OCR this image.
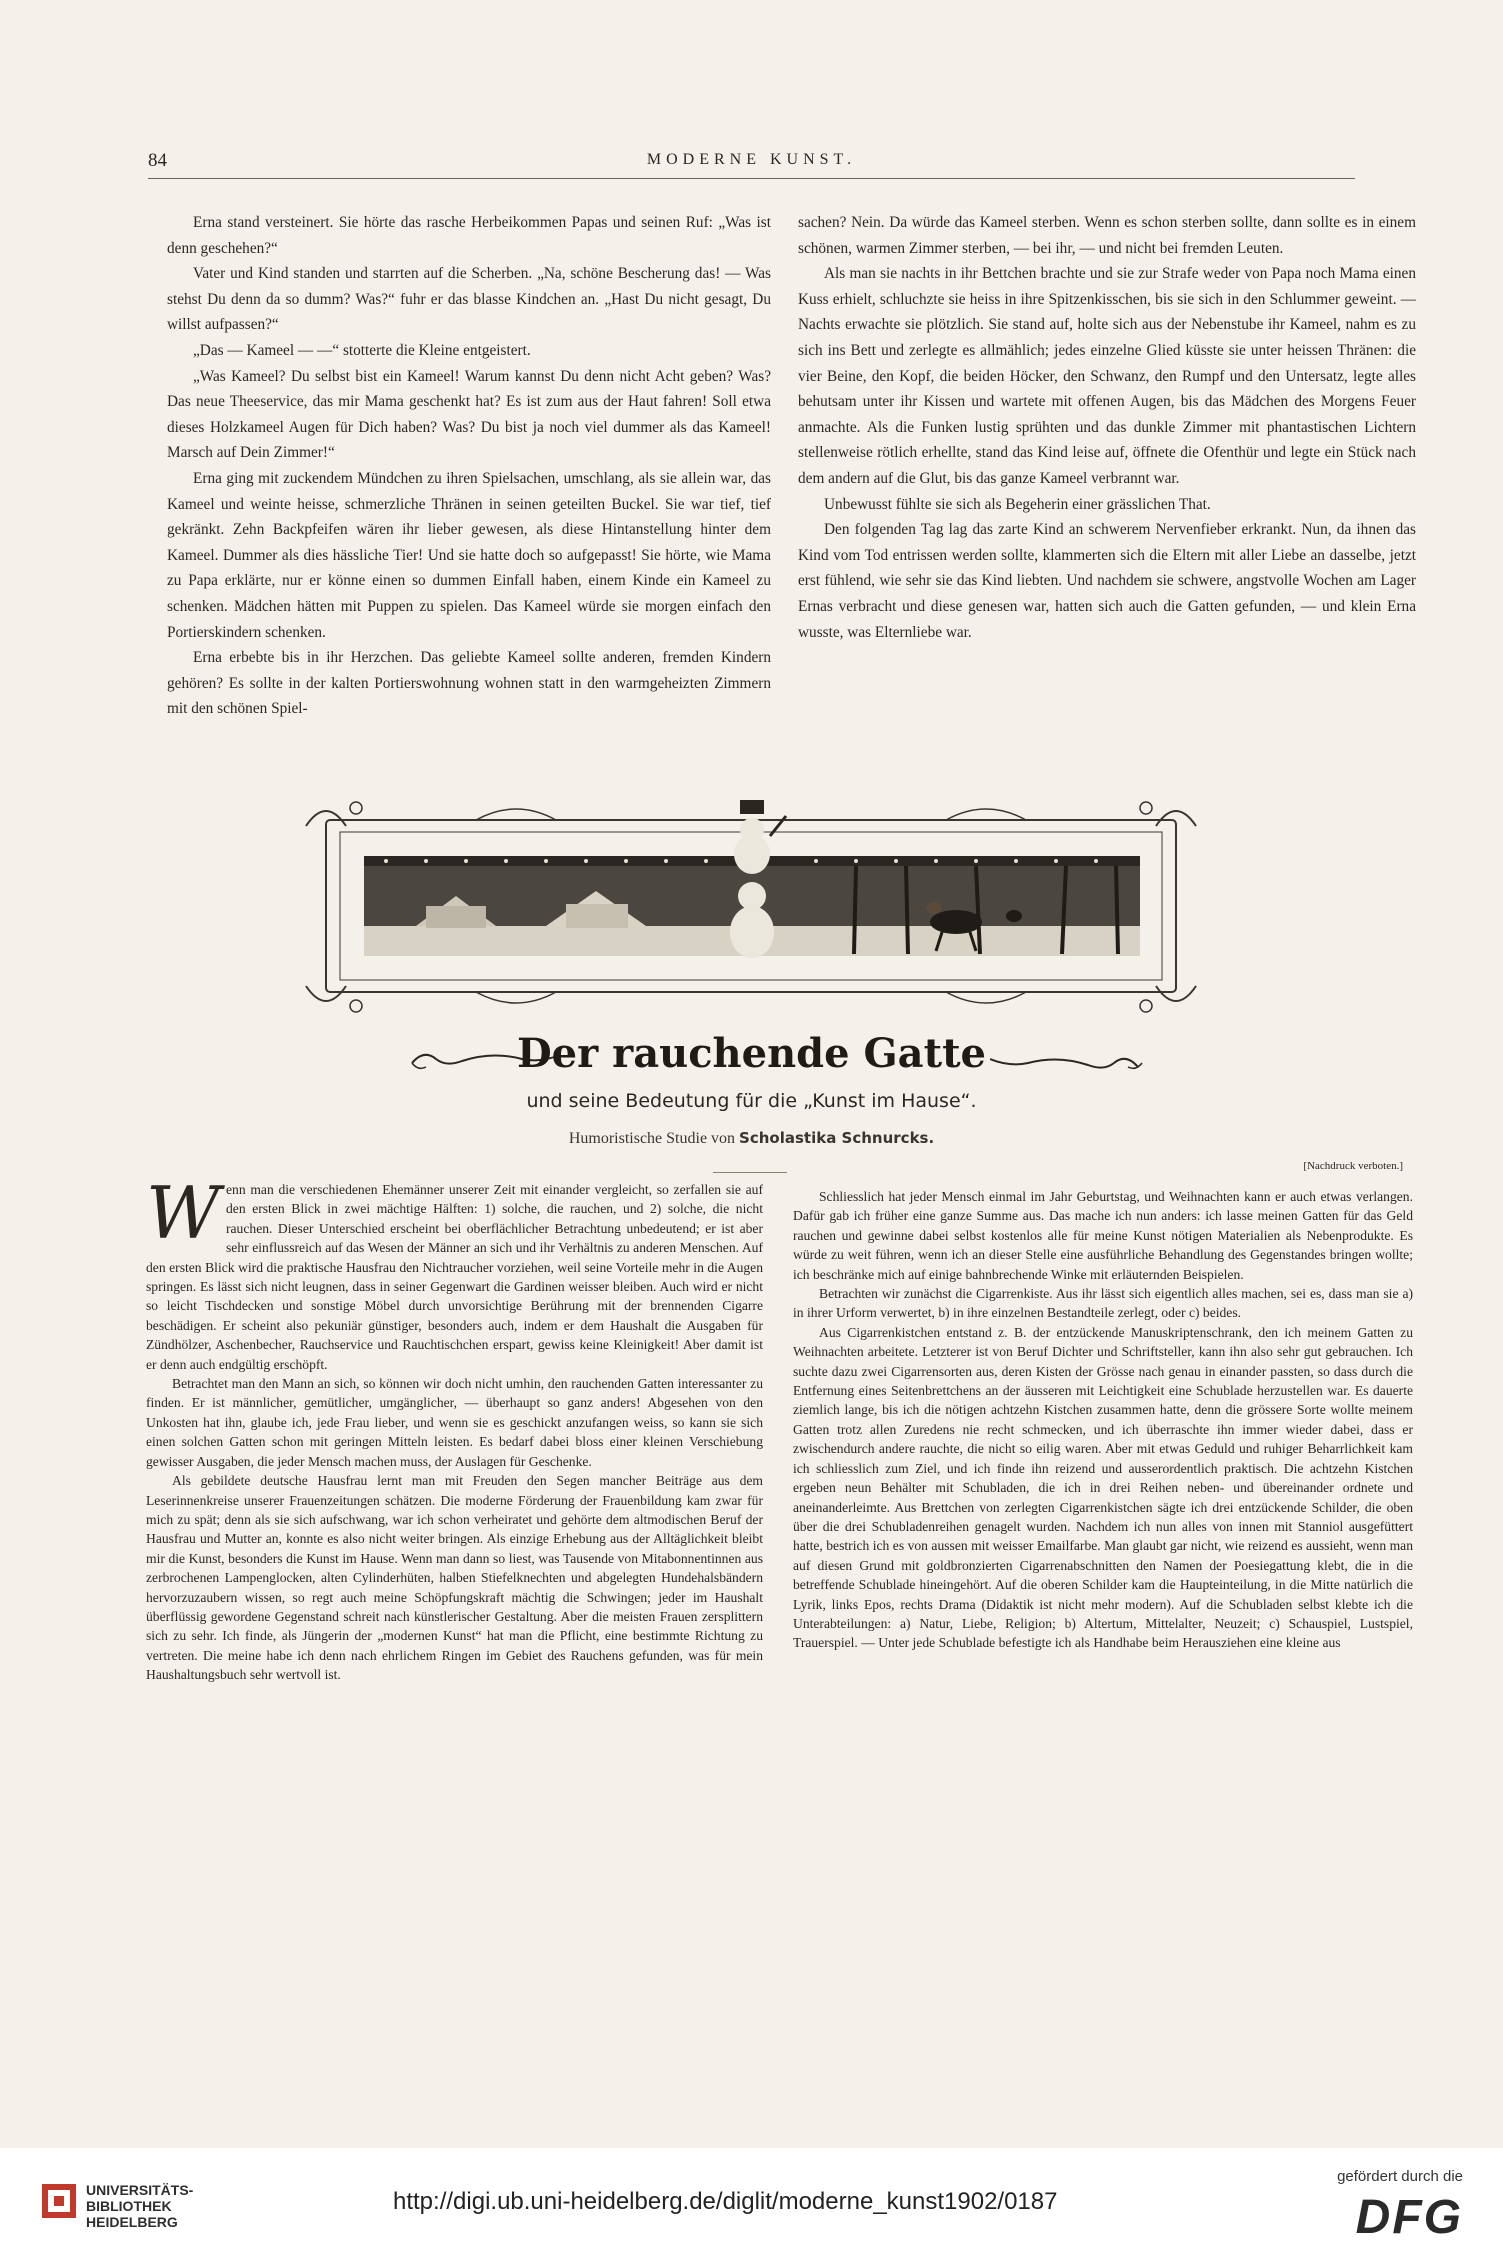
84	MODERNE KUNST.

Erna stand versteinert. Sie hörte das rasche Herbeikommen Papas und seinen Ruf: „Was ist denn geschehen?“

Vater und Kind standen und starrten auf die Scherben. „Na, schöne Bescherung das! — Was stehst Du denn da so dumm? Was?“ fuhr er das blasse Kindchen an. „Hast Du nicht gesagt, Du willst aufpassen?“

„Das — Kameel — —“ stotterte die Kleine entgeistert.

„Was Kameel? Du selbst bist ein Kameel! Warum kannst Du denn nicht Acht geben? Was? Das neue Theeservice, das mir Mama geschenkt hat? Es ist zum aus der Haut fahren! Soll etwa dieses Holzkameel Augen für Dich haben? Was? Du bist ja noch viel dummer als das Kameel! Marsch auf Dein Zimmer!“

Erna ging mit zuckendem Mündchen zu ihren Spielsachen, umschlang, als sie allein war, das Kameel und weinte heisse, schmerzliche Thränen in seinen geteilten Buckel. Sie war tief, tief gekränkt. Zehn Backpfeifen wären ihr lieber gewesen, als diese Hintanstellung hinter dem Kameel. Dummer als dies hässliche Tier! Und sie hatte doch so aufgepasst! Sie hörte, wie Mama zu Papa erklärte, nur er könne einen so dummen Einfall haben, einem Kinde ein Kameel zu schenken. Mädchen hätten mit Puppen zu spielen. Das Kameel würde sie morgen einfach den Portierskindern schenken.

Erna erbebte bis in ihr Herzchen. Das geliebte Kameel sollte anderen, fremden Kindern gehören? Es sollte in der kalten Portierswohnung wohnen statt in den warmgeheizten Zimmern mit den schönen Spiel-

sachen? Nein. Da würde das Kameel sterben. Wenn es schon sterben sollte, dann sollte es in einem schönen, warmen Zimmer sterben, — bei ihr, — und nicht bei fremden Leuten.

Als man sie nachts in ihr Bettchen brachte und sie zur Strafe weder von Papa noch Mama einen Kuss erhielt, schluchzte sie heiss in ihre Spitzenkisschen, bis sie sich in den Schlummer geweint. — Nachts erwachte sie plötzlich. Sie stand auf, holte sich aus der Nebenstube ihr Kameel, nahm es zu sich ins Bett und zerlegte es allmählich; jedes einzelne Glied küsste sie unter heissen Thränen: die vier Beine, den Kopf, die beiden Höcker, den Schwanz, den Rumpf und den Untersatz, legte alles behutsam unter ihr Kissen und wartete mit offenen Augen, bis das Mädchen des Morgens Feuer anmachte. Als die Funken lustig sprühten und das dunkle Zimmer mit phantastischen Lichtern stellenweise rötlich erhellte, stand das Kind leise auf, öffnete die Ofenthür und legte ein Stück nach dem andern auf die Glut, bis das ganze Kameel verbrannt war.

Unbewusst fühlte sie sich als Begeherin einer grässlichen That.

Den folgenden Tag lag das zarte Kind an schwerem Nervenfieber erkrankt. Nun, da ihnen das Kind vom Tod entrissen werden sollte, klammerten sich die Eltern mit aller Liebe an dasselbe, jetzt erst fühlend, wie sehr sie das Kind liebten. Und nachdem sie schwere, angstvolle Wochen am Lager Ernas verbracht und diese genesen war, hatten sich auch die Gatten gefunden, — und klein Erna wusste, was Elternliebe war.

Der rauchende Gatte
und seine Bedeutung für die „Kunst im Hause“.
Humoristische Studie von Scholastika Schnurcks.
[Nachdruck verboten.]

W enn man die verschiedenen Ehemänner unserer Zeit mit einander vergleicht, so zerfallen sie auf den ersten Blick in zwei mächtige Hälften: 1) solche, die rauchen, und 2) solche, die nicht rauchen. Dieser Unterschied erscheint bei oberflächlicher Betrachtung unbedeutend; er ist aber sehr einflussreich auf das Wesen der Männer an sich und ihr Verhältnis zu anderen Menschen. Auf den ersten Blick wird die praktische Hausfrau den Nichtraucher vorziehen, weil seine Vorteile mehr in die Augen springen. Es lässt sich nicht leugnen, dass in seiner Gegenwart die Gardinen weisser bleiben. Auch wird er nicht so leicht Tischdecken und sonstige Möbel durch unvorsichtige Berührung mit der brennenden Cigarre beschädigen. Er scheint also pekuniär günstiger, besonders auch, indem er dem Haushalt die Ausgaben für Zündhölzer, Aschenbecher, Rauchservice und Rauchtischchen erspart, gewiss keine Kleinigkeit! Aber damit ist er denn auch endgültig erschöpft.

Betrachtet man den Mann an sich, so können wir doch nicht umhin, den rauchenden Gatten interessanter zu finden. Er ist männlicher, gemütlicher, umgänglicher, — überhaupt so ganz anders! Abgesehen von den Unkosten hat ihn, glaube ich, jede Frau lieber, und wenn sie es geschickt anzufangen weiss, so kann sie sich einen solchen Gatten schon mit geringen Mitteln leisten. Es bedarf dabei bloss einer kleinen Verschiebung gewisser Ausgaben, die jeder Mensch machen muss, der Auslagen für Geschenke.

Als gebildete deutsche Hausfrau lernt man mit Freuden den Segen mancher Beiträge aus dem Leserinnenkreise unserer Frauenzeitungen schätzen. Die moderne Förderung der Frauenbildung kam zwar für mich zu spät; denn als sie sich aufschwang, war ich schon verheiratet und gehörte dem altmodischen Beruf der Hausfrau und Mutter an, konnte es also nicht weiter bringen. Als einzige Erhebung aus der Alltäglichkeit bleibt mir die Kunst, besonders die Kunst im Hause. Wenn man dann so liest, was Tausende von Mitabonnentinnen aus zerbrochenen Lampenglocken, alten Cylinderhüten, halben Stiefelknechten und abgelegten Hundehalsbändern hervorzuzaubern wissen, so regt auch meine Schöpfungskraft mächtig die Schwingen; jeder im Haushalt überflüssig gewordene Gegenstand schreit nach künstlerischer Gestaltung. Aber die meisten Frauen zersplittern sich zu sehr. Ich finde, als Jüngerin der „modernen Kunst“ hat man die Pflicht, eine bestimmte Richtung zu vertreten. Die meine habe ich denn nach ehrlichem Ringen im Gebiet des Rauchens gefunden, was für mein Haushaltungsbuch sehr wertvoll ist.

Schliesslich hat jeder Mensch einmal im Jahr Geburtstag, und Weihnachten kann er auch etwas verlangen. Dafür gab ich früher eine ganze Summe aus. Das mache ich nun anders: ich lasse meinen Gatten für das Geld rauchen und gewinne dabei selbst kostenlos alle für meine Kunst nötigen Materialien als Nebenprodukte. Es würde zu weit führen, wenn ich an dieser Stelle eine ausführliche Behandlung des Gegenstandes bringen wollte; ich beschränke mich auf einige bahnbrechende Winke mit erläuternden Beispielen.

Betrachten wir zunächst die Cigarrenkiste. Aus ihr lässt sich eigentlich alles machen, sei es, dass man sie a) in ihrer Urform verwertet, b) in ihre einzelnen Bestandteile zerlegt, oder c) beides.

Aus Cigarrenkistchen entstand z. B. der entzückende Manuskriptenschrank, den ich meinem Gatten zu Weihnachten arbeitete. Letzterer ist von Beruf Dichter und Schriftsteller, kann ihn also sehr gut gebrauchen. Ich suchte dazu zwei Cigarrensorten aus, deren Kisten der Grösse nach genau in einander passten, so dass durch die Entfernung eines Seitenbrettchens an der äusseren mit Leichtigkeit eine Schublade herzustellen war. Es dauerte ziemlich lange, bis ich die nötigen achtzehn Kistchen zusammen hatte, denn die grössere Sorte wollte meinem Gatten trotz allen Zuredens nie recht schmecken, und ich überraschte ihn immer wieder dabei, dass er zwischendurch andere rauchte, die nicht so eilig waren. Aber mit etwas Geduld und ruhiger Beharrlichkeit kam ich schliesslich zum Ziel, und ich finde ihn reizend und ausserordentlich praktisch. Die achtzehn Kistchen ergeben neun Behälter mit Schubladen, die ich in drei Reihen neben- und übereinander ordnete und aneinanderleimte. Aus Brettchen von zerlegten Cigarrenkistchen sägte ich drei entzückende Schilder, die oben über die drei Schubladenreihen genagelt wurden. Nachdem ich nun alles von innen mit Stanniol ausgefüttert hatte, bestrich ich es von aussen mit weisser Emailfarbe. Man glaubt gar nicht, wie reizend es aussieht, wenn man auf diesen Grund mit goldbronzierten Cigarrenabschnitten den Namen der Poesiegattung klebt, die in die betreffende Schublade hineingehört. Auf die oberen Schilder kam die Haupteinteilung, in die Mitte natürlich die Lyrik, links Epos, rechts Drama (Didaktik ist nicht mehr modern). Auf die Schubladen selbst klebte ich die Unterabteilungen: a) Natur, Liebe, Religion; b) Altertum, Mittelalter, Neuzeit; c) Schauspiel, Lustspiel, Trauerspiel. — Unter jede Schublade befestigte ich als Handhabe beim Herausziehen eine kleine aus

UNIVERSITÄTS-
BIBLIOTHEK
HEIDELBERG
http://digi.ub.uni-heidelberg.de/diglit/moderne_kunst1902/0187
gefördert durch die
DFG
